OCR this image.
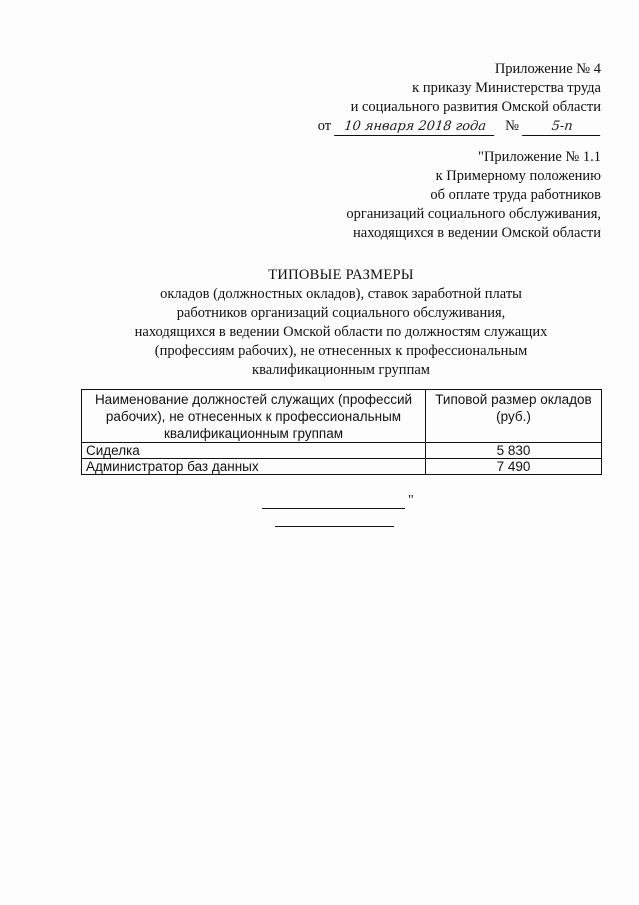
Приложение № 4
к приказу Министерства труда
и социального развития Омской области
от 10 января 2018 года	№	5-п
"Приложение № 1.1
к Примерному положению
об оплате труда работников
организаций социального обслуживания,
находящихся в ведении Омской области
ТИПОВЫЕ РАЗМЕРЫ
окладов (должностных окладов), ставок заработной платы
работников организаций социального обслуживания,
находящихся в ведении Омской области по должностям служащих
(профессиям рабочих), не отнесенных к профессиональным
квалификационным группам
Наименование должностей служащих (профессий рабочих), не отнесенных к профессиональным квалификационным группам	Типовой размер окладов (руб.)
Сиделка	5 830
Администратор баз данных	7 490
"
